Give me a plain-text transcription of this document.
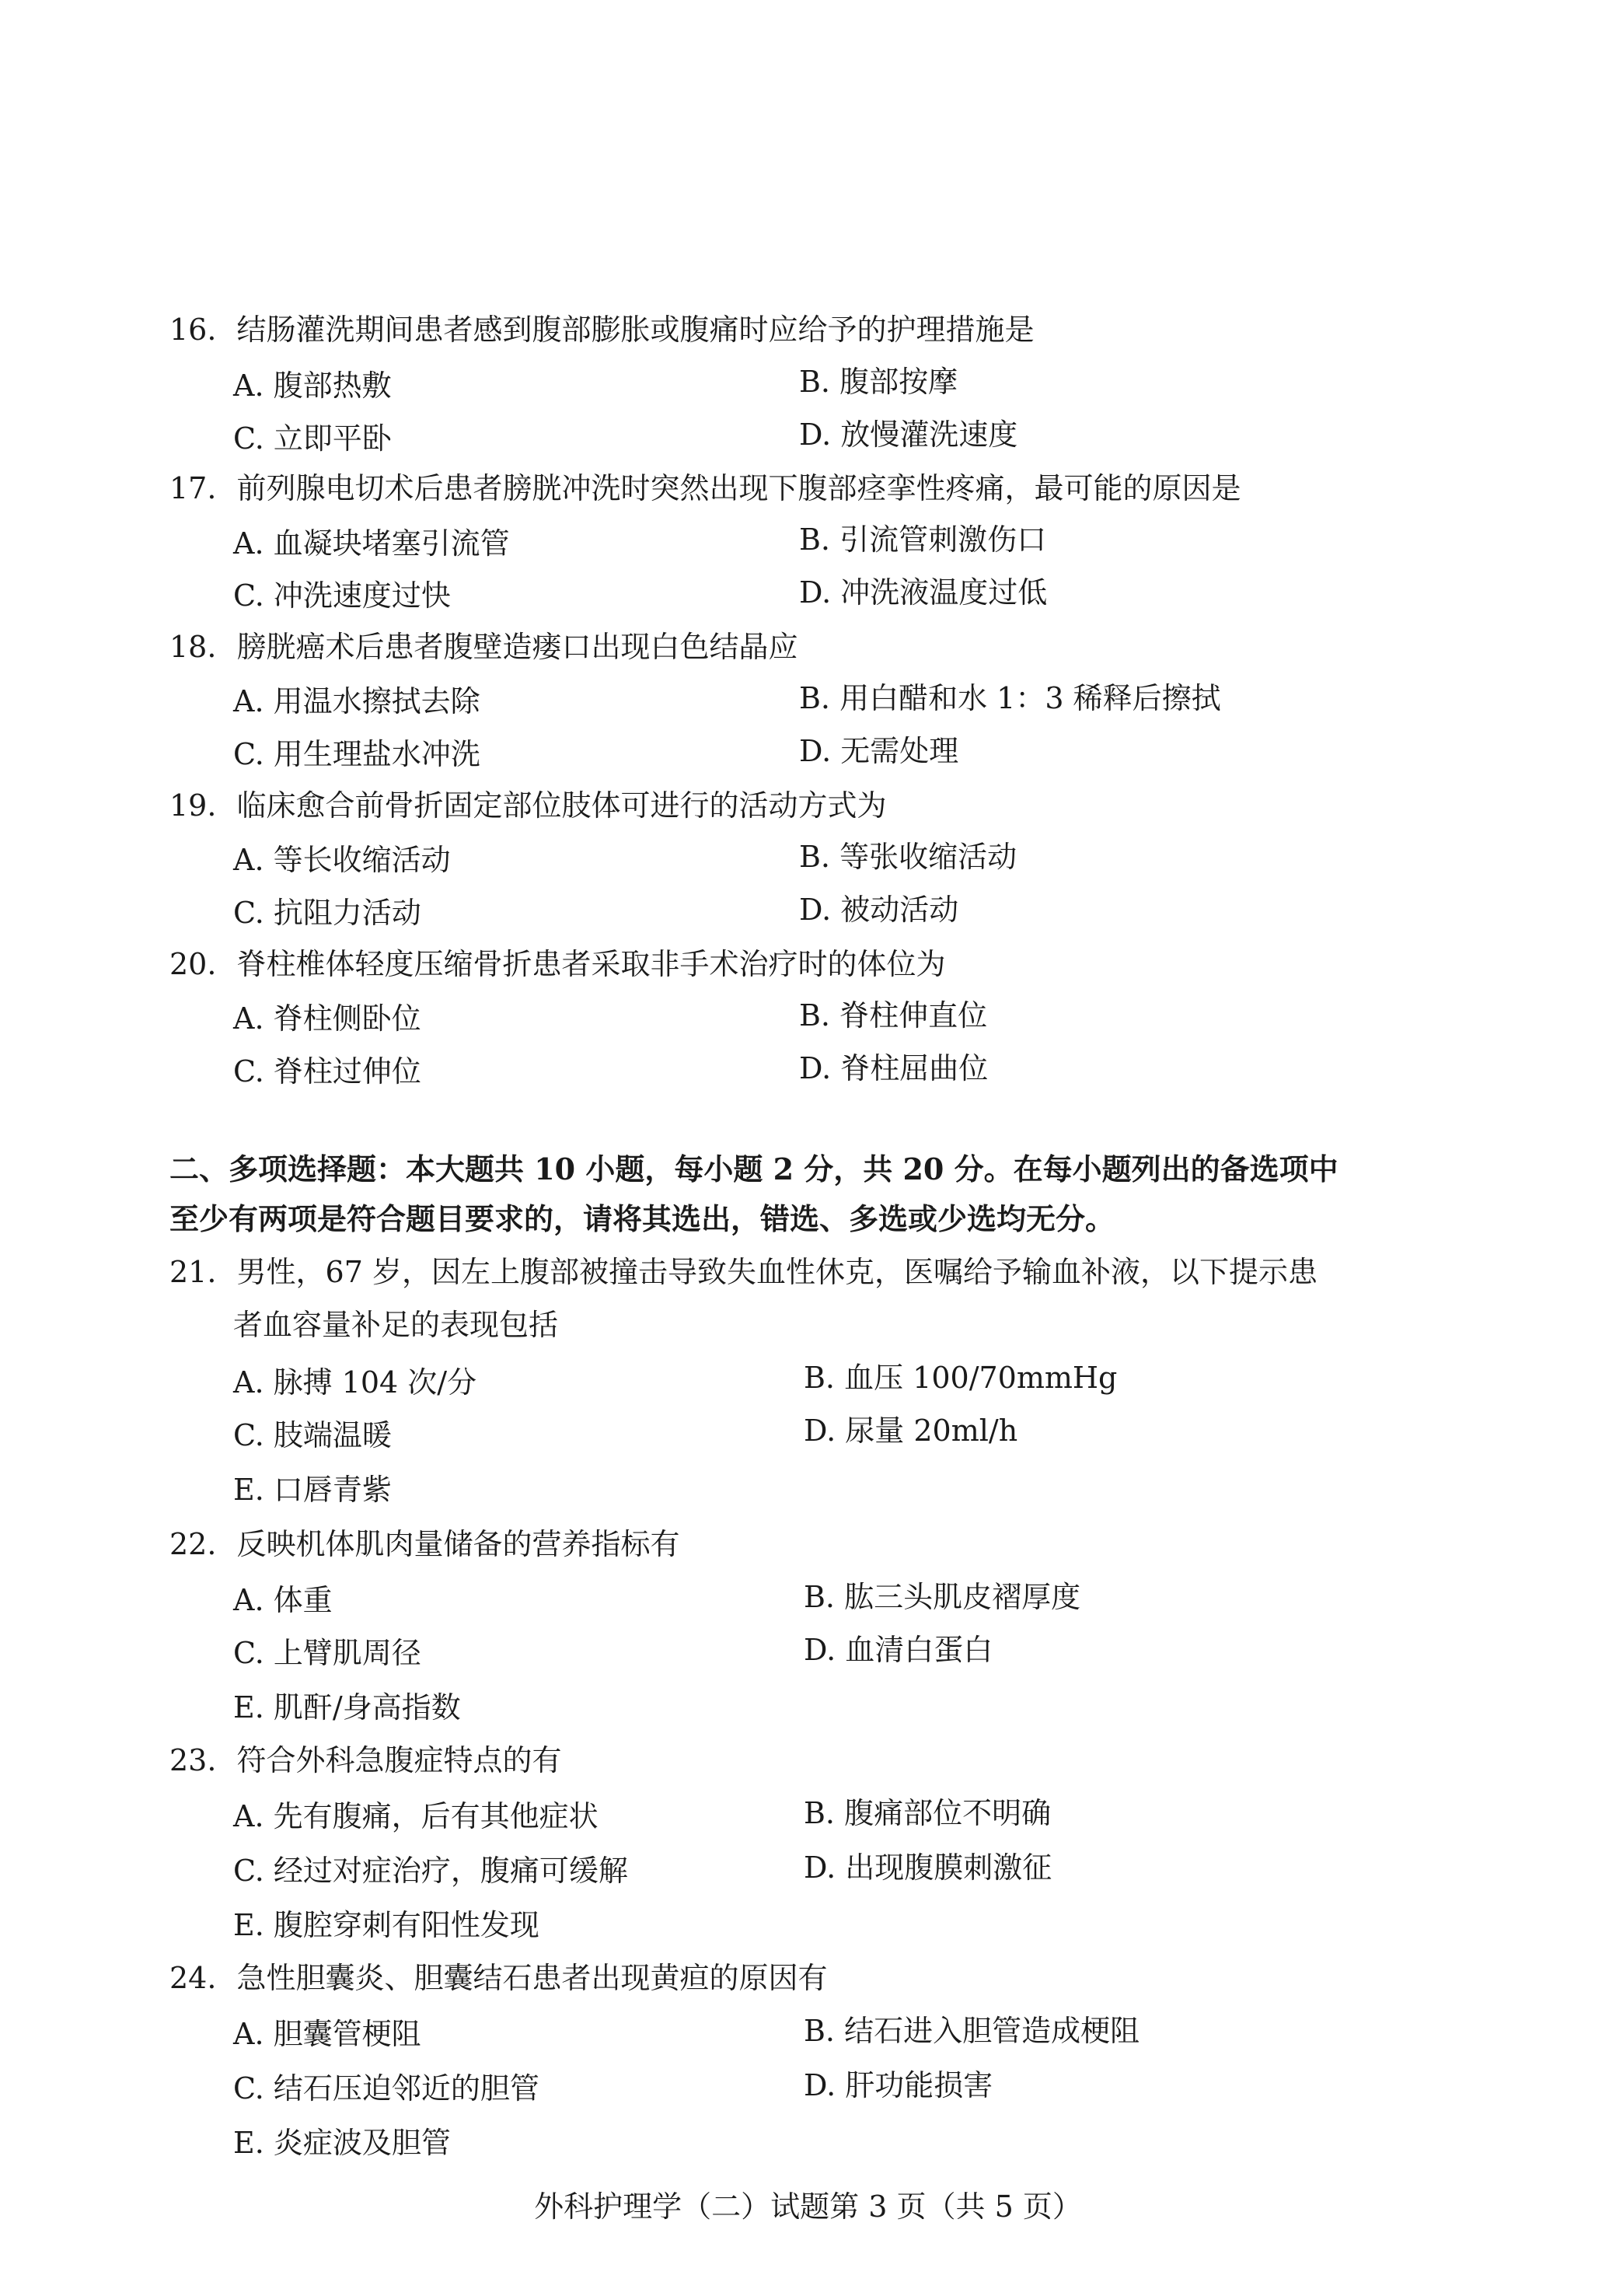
16. 结肠灌洗期间患者感到腹部膨胀或腹痛时应给予的护理措施是
A. 腹部热敷	B. 腹部按摩
C. 立即平卧	D. 放慢灌洗速度
17. 前列腺电切术后患者膀胱冲洗时突然出现下腹部痉挛性疼痛，最可能的原因是
A. 血凝块堵塞引流管	B. 引流管刺激伤口
C. 冲洗速度过快	D. 冲洗液温度过低
18. 膀胱癌术后患者腹壁造瘘口出现白色结晶应
A. 用温水擦拭去除	B. 用白醋和水 1：3 稀释后擦拭
C. 用生理盐水冲洗	D. 无需处理
19. 临床愈合前骨折固定部位肢体可进行的活动方式为
A. 等长收缩活动	B. 等张收缩活动
C. 抗阻力活动	D. 被动活动
20. 脊柱椎体轻度压缩骨折患者采取非手术治疗时的体位为
A. 脊柱侧卧位	B. 脊柱伸直位
C. 脊柱过伸位	D. 脊柱屈曲位
二、多项选择题：本大题共 10 小题，每小题 2 分，共 20 分。在每小题列出的备选项中
至少有两项是符合题目要求的，请将其选出，错选、多选或少选均无分。
21. 男性，67 岁，因左上腹部被撞击导致失血性休克，医嘱给予输血补液，以下提示患
者血容量补足的表现包括
A. 脉搏 104 次/分	B. 血压 100/70mmHg
C. 肢端温暖	D. 尿量 20ml/h
E. 口唇青紫
22. 反映机体肌肉量储备的营养指标有
A. 体重	B. 肱三头肌皮褶厚度
C. 上臂肌周径	D. 血清白蛋白
E. 肌酐/身高指数
23. 符合外科急腹症特点的有
A. 先有腹痛，后有其他症状	B. 腹痛部位不明确
C. 经过对症治疗，腹痛可缓解	D. 出现腹膜刺激征
E. 腹腔穿刺有阳性发现
24. 急性胆囊炎、胆囊结石患者出现黄疸的原因有
A. 胆囊管梗阻	B. 结石进入胆管造成梗阻
C. 结石压迫邻近的胆管	D. 肝功能损害
E. 炎症波及胆管
外科护理学（二）试题第 3 页（共 5 页）
